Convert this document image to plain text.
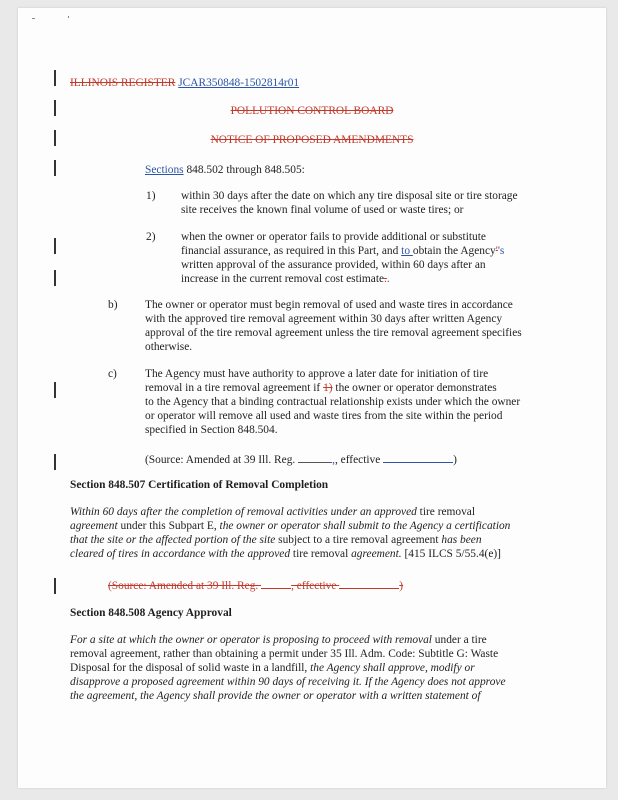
ILLINOIS REGISTER JCAR350848-1502814r01
POLLUTION CONTROL BOARD
NOTICE OF PROPOSED AMENDMENTS
Sections 848.502 through 848.505:
1) within 30 days after the date on which any tire disposal site or tire storage
site receives the known final volume of used or waste tires; or
2) when the owner or operator fails to provide additional or substitute
financial assurance, as required in this Part, and to obtain the Agency''s
written approval of the assurance provided, within 60 days after an
increase in the current removal cost estimate..
b) The owner or operator must begin removal of used and waste tires in accordance
with the approved tire removal agreement within 30 days after written Agency
approval of the tire removal agreement unless the tire removal agreement specifies
otherwise.
c) The Agency must have authority to approve a later date for initiation of tire
removal in a tire removal agreement if 1) the owner or operator demonstrates
to the Agency that a binding contractual relationship exists under which the owner
or operator will remove all used and waste tires from the site within the period
specified in Section 848.504.
(Source: Amended at 39 Ill. Reg.	,, effective	)
Section 848.507 Certification of Removal Completion
Within 60 days after the completion of removal activities under an approved tire removal
agreement under this Subpart E, the owner or operator shall submit to the Agency a certification
that the site or the affected portion of the site subject to a tire removal agreement has been
cleared of tires in accordance with the approved tire removal agreement. [415 ILCS 5/55.4(e)]
(Source: Amended at 39 Ill. Reg.	, effective	)
Section 848.508 Agency Approval
For a site at which the owner or operator is proposing to proceed with removal under a tire
removal agreement, rather than obtaining a permit under 35 Ill. Adm. Code: Subtitle G: Waste
Disposal for the disposal of solid waste in a landfill, the Agency shall approve, modify or
disapprove a proposed agreement within 90 days of receiving it. If the Agency does not approve
the agreement, the Agency shall provide the owner or operator with a written statement of
